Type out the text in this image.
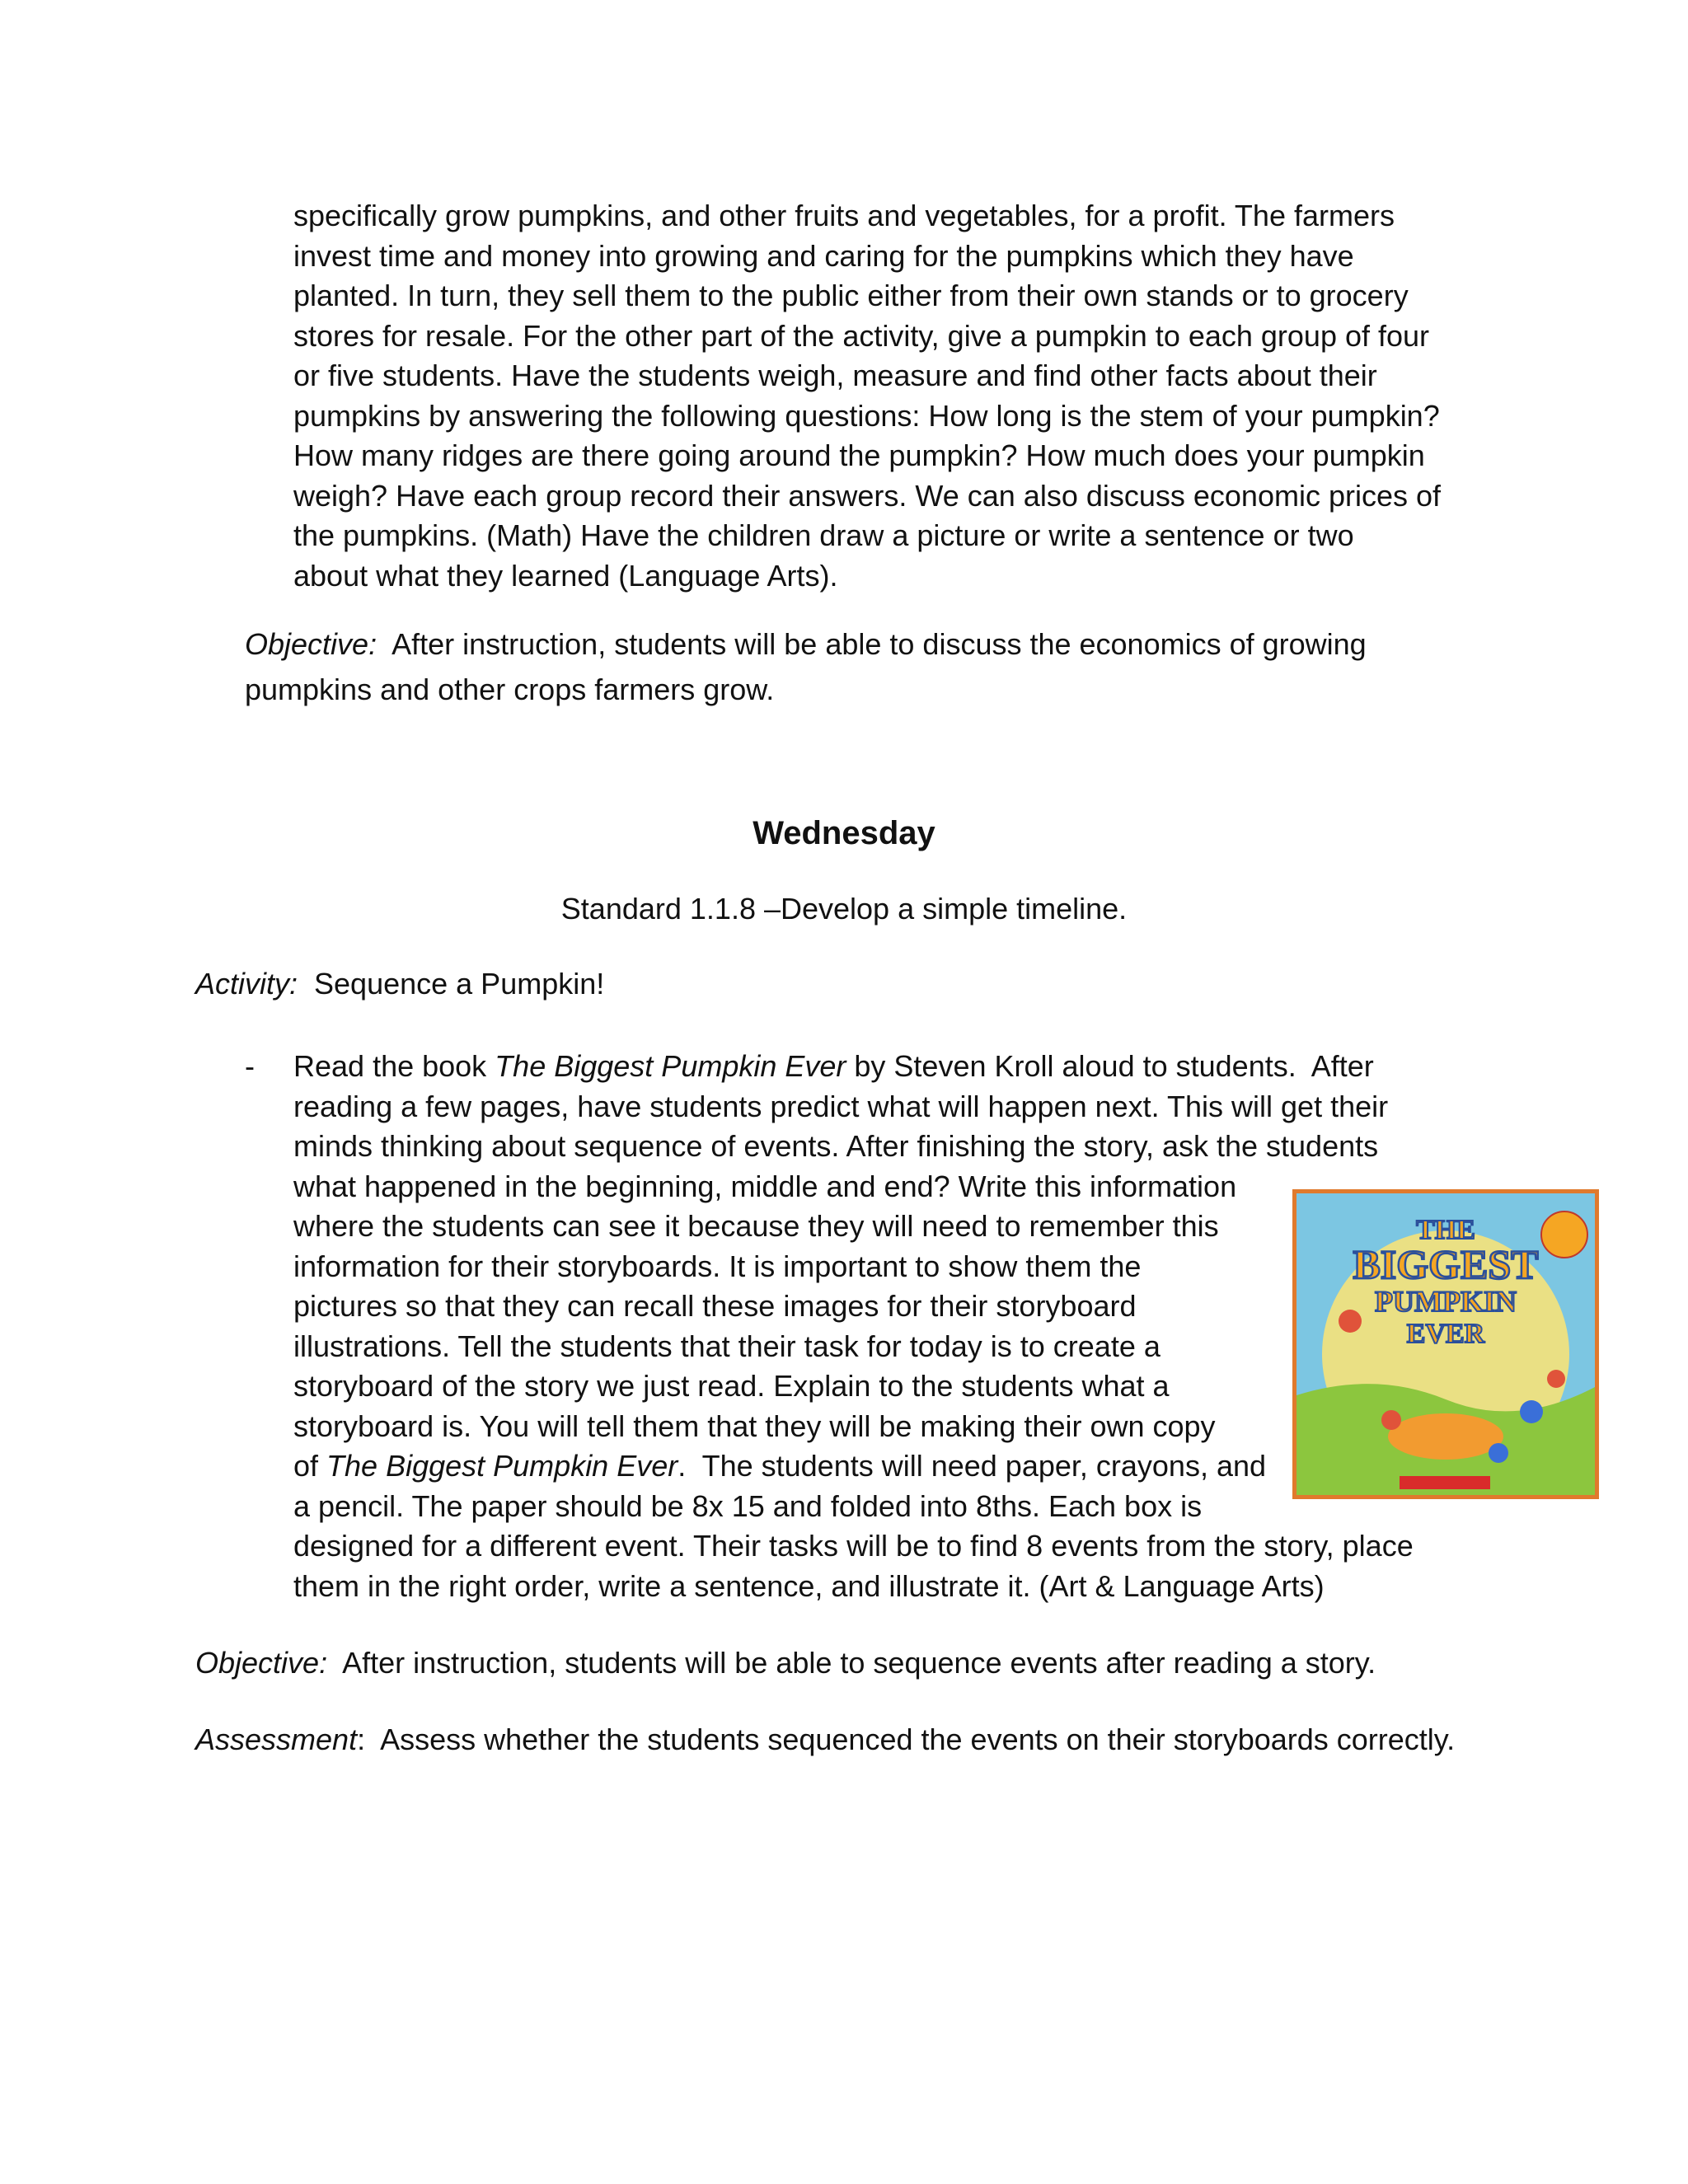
specifically grow pumpkins, and other fruits and vegetables, for a profit. The farmers
invest time and money into growing and caring for the pumpkins which they have
planted. In turn, they sell them to the public either from their own stands or to grocery
stores for resale. For the other part of the activity, give a pumpkin to each group of four
or five students. Have the students weigh, measure and find other facts about their
pumpkins by answering the following questions: How long is the stem of your pumpkin?
How many ridges are there going around the pumpkin? How much does your pumpkin
weigh? Have each group record their answers. We can also discuss economic prices of
the pumpkins. (Math) Have the children draw a picture or write a sentence or two
about what they learned (Language Arts).
Objective:  After instruction, students will be able to discuss the economics of growing
pumpkins and other crops farmers grow.
Wednesday
Standard 1.1.8 –Develop a simple timeline.
Activity:  Sequence a Pumpkin!
- Read the book The Biggest Pumpkin Ever by Steven Kroll aloud to students.  After
reading a few pages, have students predict what will happen next. This will get their
minds thinking about sequence of events. After finishing the story, ask the students
what happened in the beginning, middle and end? Write this information
where the students can see it because they will need to remember this
information for their storyboards. It is important to show them the
pictures so that they can recall these images for their storyboard
illustrations. Tell the students that their task for today is to create a
storyboard of the story we just read. Explain to the students what a
storyboard is. You will tell them that they will be making their own copy
of The Biggest Pumpkin Ever.  The students will need paper, crayons, and
a pencil. The paper should be 8x 15 and folded into 8ths. Each box is
designed for a different event. Their tasks will be to find 8 events from the story, place
them in the right order, write a sentence, and illustrate it. (Art & Language Arts)
THE
BIGGEST
PUMPKIN
EVER
Objective:  After instruction, students will be able to sequence events after reading a story.
Assessment:  Assess whether the students sequenced the events on their storyboards correctly.
